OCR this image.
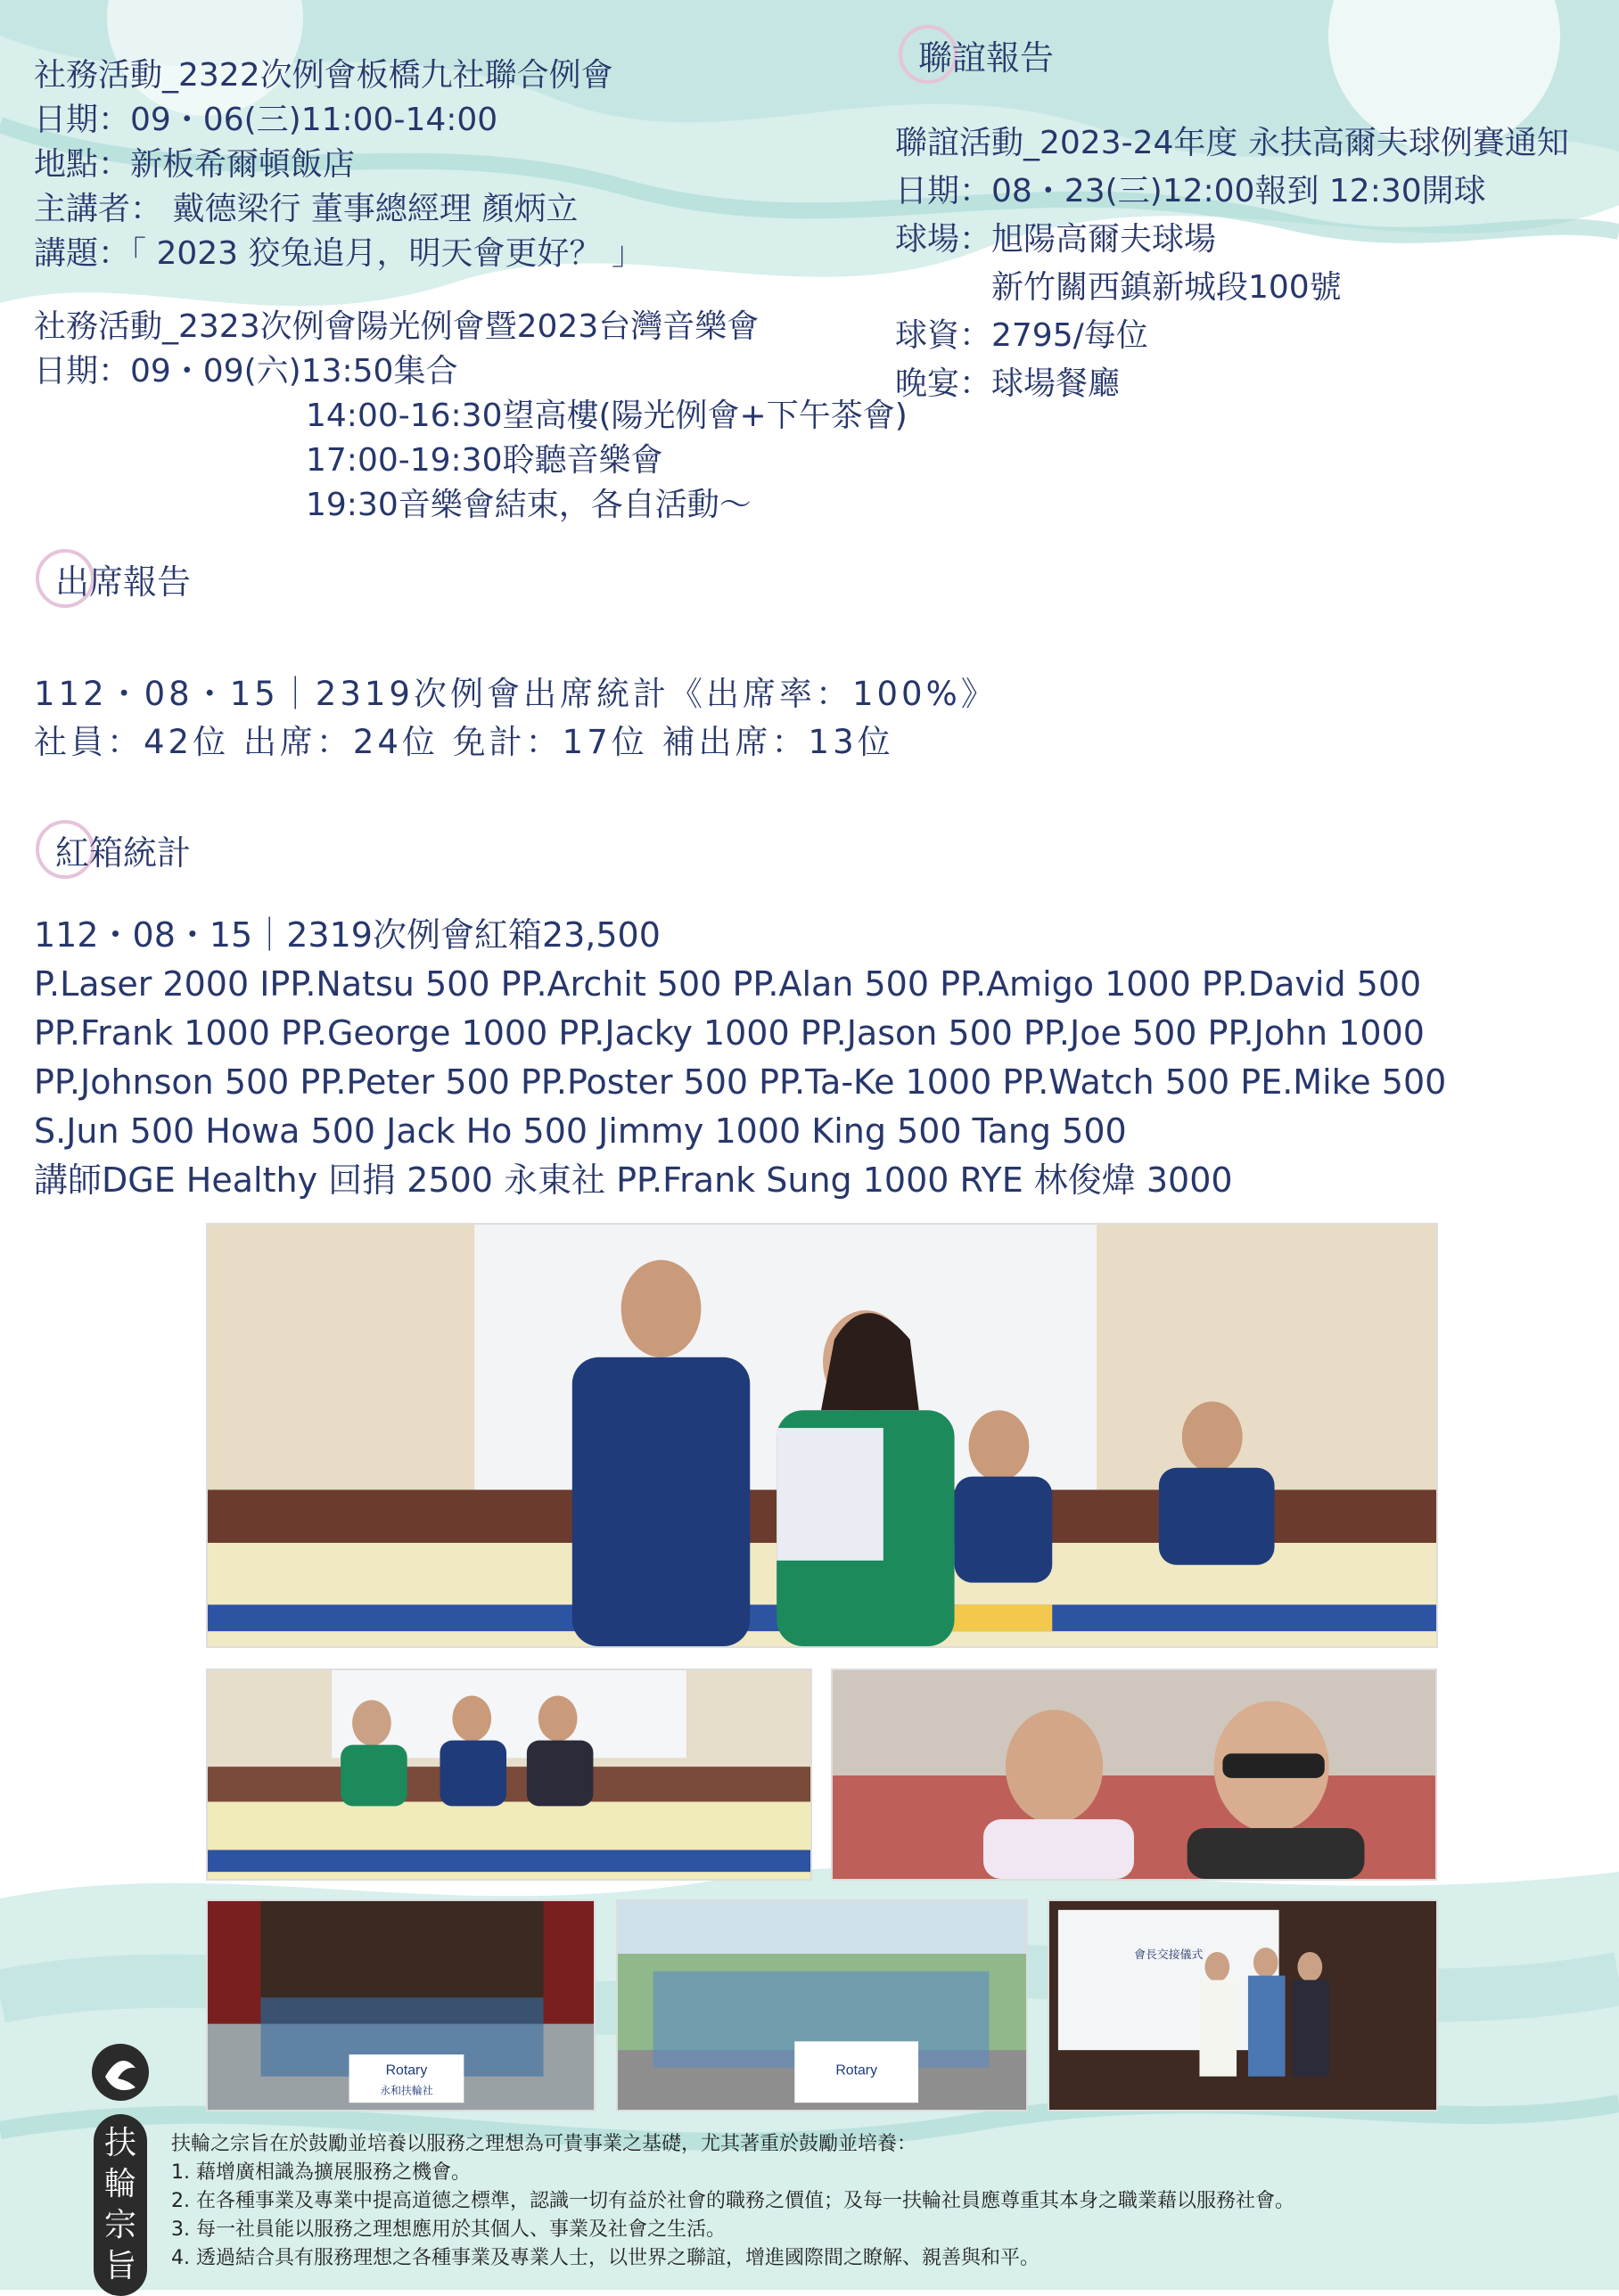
社務活動_2322次例會板橋九社聯合例會
日期：09・06(三)11:00-14:00
地點：新板希爾頓飯店
主講者： 戴德梁行 董事總經理 顏炳立
講題：「 2023 狡兔追月，明天會更好？ 」
社務活動_2323次例會陽光例會暨2023台灣音樂會
日期：09・09(六)13:50集合
14:00-16:30望高樓(陽光例會+下午茶會)
17:00-19:30聆聽音樂會
19:30音樂會結束，各自活動～
聯誼報告
聯誼活動_2023-24年度 永扶高爾夫球例賽通知
日期：08・23(三)12:00報到 12:30開球
球場：旭陽高爾夫球場
　　　新竹關西鎮新城段100號
球資：2795/每位
晚宴：球場餐廳
出席報告
112・08・15｜2319次例會出席統計《出席率：100%》
社員：42位 出席：24位 免計：17位 補出席：13位
紅箱統計
112・08・15｜2319次例會紅箱23,500
P.Laser 2000 IPP.Natsu 500 PP.Archit 500 PP.Alan 500 PP.Amigo 1000 PP.David 500
PP.Frank 1000 PP.George 1000 PP.Jacky 1000 PP.Jason 500 PP.Joe 500 PP.John 1000
PP.Johnson 500 PP.Peter 500 PP.Poster 500 PP.Ta-Ke 1000 PP.Watch 500 PE.Mike 500
S.Jun 500 Howa 500 Jack Ho 500 Jimmy 1000 King 500 Tang 500
講師DGE Healthy 回捐 2500 永東社 PP.Frank Sung 1000 RYE 林俊煒 3000
Rotary
永和扶輪社
Rotary
會長交接儀式
扶輪宗旨
扶輪之宗旨在於鼓勵並培養以服務之理想為可貴事業之基礎，尤其著重於鼓勵並培養：
1. 藉增廣相識為擴展服務之機會。
2. 在各種事業及專業中提高道德之標準，認識一切有益於社會的職務之價值；及每一扶輪社員應尊重其本身之職業藉以服務社會。
3. 每一社員能以服務之理想應用於其個人、事業及社會之生活。
4. 透過結合具有服務理想之各種事業及專業人士，以世界之聯誼，增進國際間之瞭解、親善與和平。
